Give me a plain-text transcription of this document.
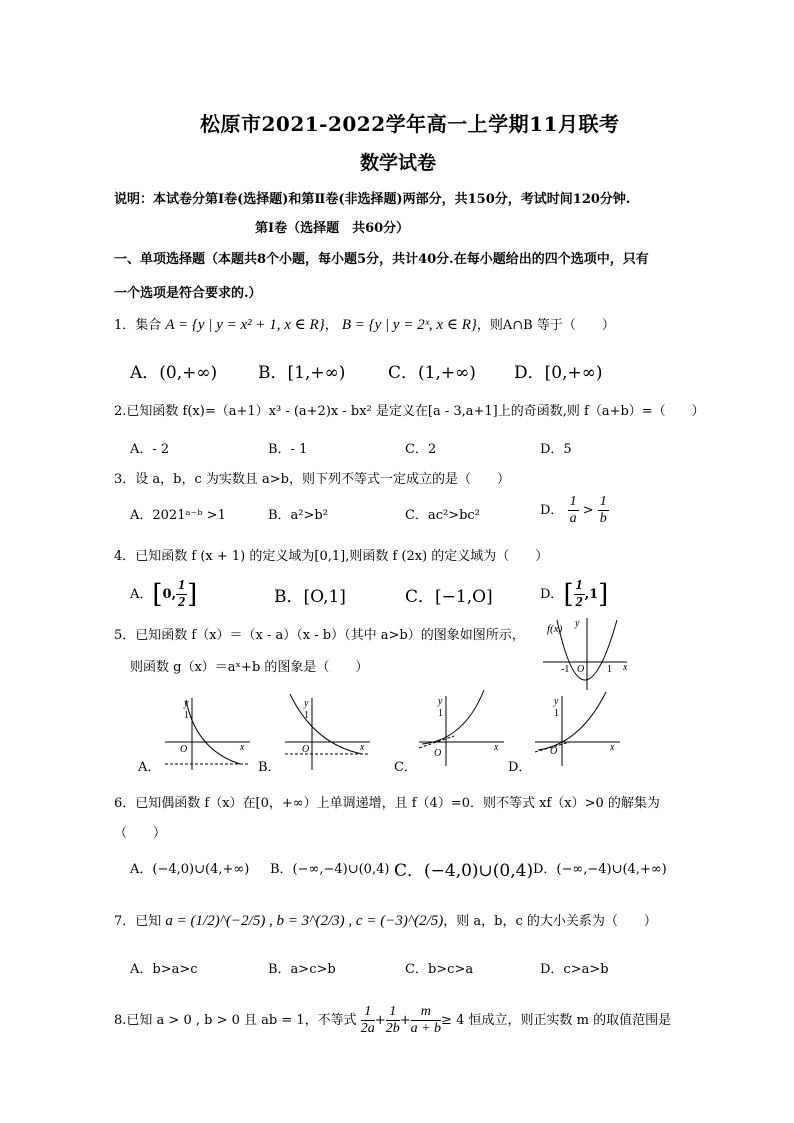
松原市2021-2022学年高一上学期11月联考
数学试卷
说明：本试卷分第Ⅰ卷(选择题)和第Ⅱ卷(非选择题)两部分，共150分，考试时间120分钟.
第Ⅰ卷（选择题　共60分）
一、单项选择题（本题共8个小题，每小题5分，共计40分.在每小题给出的四个选项中，只有
一个选项是符合要求的.）
1．集合 A = {y | y = x² + 1, x ∈ R}， B = {y | y = 2ˣ, x ∈ R}，则A∩B 等于（　　）
A．(0,+∞) B．[1,+∞)	C．(1,+∞) D．[0,+∞)
2.已知函数 f(x)=（a+1）x³ - (a+2)x - bx² 是定义在[a - 3,a+1]上的奇函数,则 f（a+b）=（　　）
A．- 2	B．- 1	C．2	D．5
3．设 a，b，c 为实数且 a>b，则下列不等式一定成立的是（　　）
A．2021ᵃ⁻ᵇ >1	B．a²>b²	C．ac²>bc²	D． $\frac{1}{a} > \frac{1}{b}$
4．已知函数 f (x + 1) 的定义域为[0,1],则函数 f (2x) 的定义域为（　　）
A．[0, $\frac{1}{2}$ ]	B．[O,1]	C．[−1,O]	D．[ $\frac{1}{2} ,1$]
5．已知函数 f（x）＝（x - a）（x - b）（其中 a>b）的图象如图所示，
则函数 g（x）＝aˣ+b 的图象是（　　）
f(x) y
x
-1 O 1
A．
y
1
O	x
B．
y
1
O	x
C．
y
1
O
x
D．
y
1
O	x
6．已知偶函数 f（x）在[0，+∞）上单调递增，且 f（4）=0．则不等式 xf（x）>0 的解集为
（　　）
A．(−4,0)∪(4,+∞) B．(−∞,−4)∪(0,4) C．(−4,0)∪(0,4) D．(−∞,−4)∪(4,+∞)
7．已知 a = (1/2)^(−2/5) , b = 3^(2/3) , c = (−3)^(2/5)，则 a，b，c 的大小关系为（　　）
A．b>a>c	B．a>c>b	C．b>c>a	D．c>a>b
8.已知 a > 0 , b > 0 且 ab = 1，不等式 $\frac{1}{2a} + \frac{1}{2b} + \frac{m}{a + b} \ge 4$ 恒成立，则正实数 m 的取值范围是
